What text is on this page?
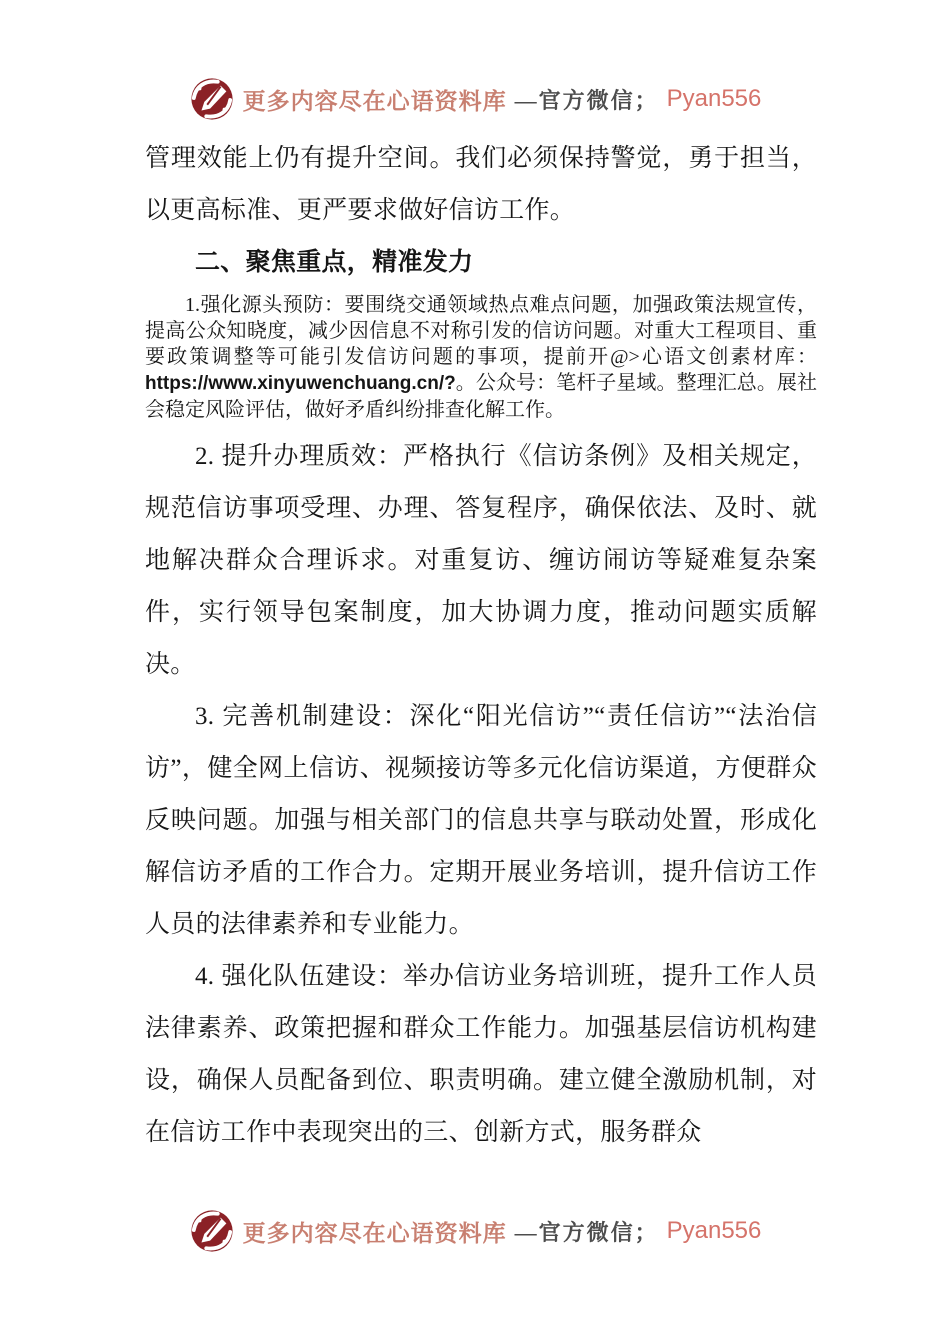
更多内容尽在心语资料库 —官方微信； Pyan556

管理效能上仍有提升空间。我们必须保持警觉，勇于担当，以更高标准、更严要求做好信访工作。

二、聚焦重点，精准发力

1.强化源头预防：要围绕交通领域热点难点问题，加强政策法规宣传，提高公众知晓度，减少因信息不对称引发的信访问题。对重大工程项目、重要政策调整等可能引发信访问题的事项，提前开@>心语文创素材库：https://www.xinyuwenchuang.cn/?。公众号：笔杆子星域。整理汇总。展社会稳定风险评估，做好矛盾纠纷排查化解工作。

2. 提升办理质效：严格执行《信访条例》及相关规定，规范信访事项受理、办理、答复程序，确保依法、及时、就地解决群众合理诉求。对重复访、缠访闹访等疑难复杂案件，实行领导包案制度，加大协调力度，推动问题实质解决。

3. 完善机制建设：深化“阳光信访”“责任信访”“法治信访”，健全网上信访、视频接访等多元化信访渠道，方便群众反映问题。加强与相关部门的信息共享与联动处置，形成化解信访矛盾的工作合力。定期开展业务培训，提升信访工作人员的法律素养和专业能力。

4. 强化队伍建设：举办信访业务培训班，提升工作人员法律素养、政策把握和群众工作能力。加强基层信访机构建设，确保人员配备到位、职责明确。建立健全激励机制，对在信访工作中表现突出的三、创新方式，服务群众

更多内容尽在心语资料库 —官方微信； Pyan556
